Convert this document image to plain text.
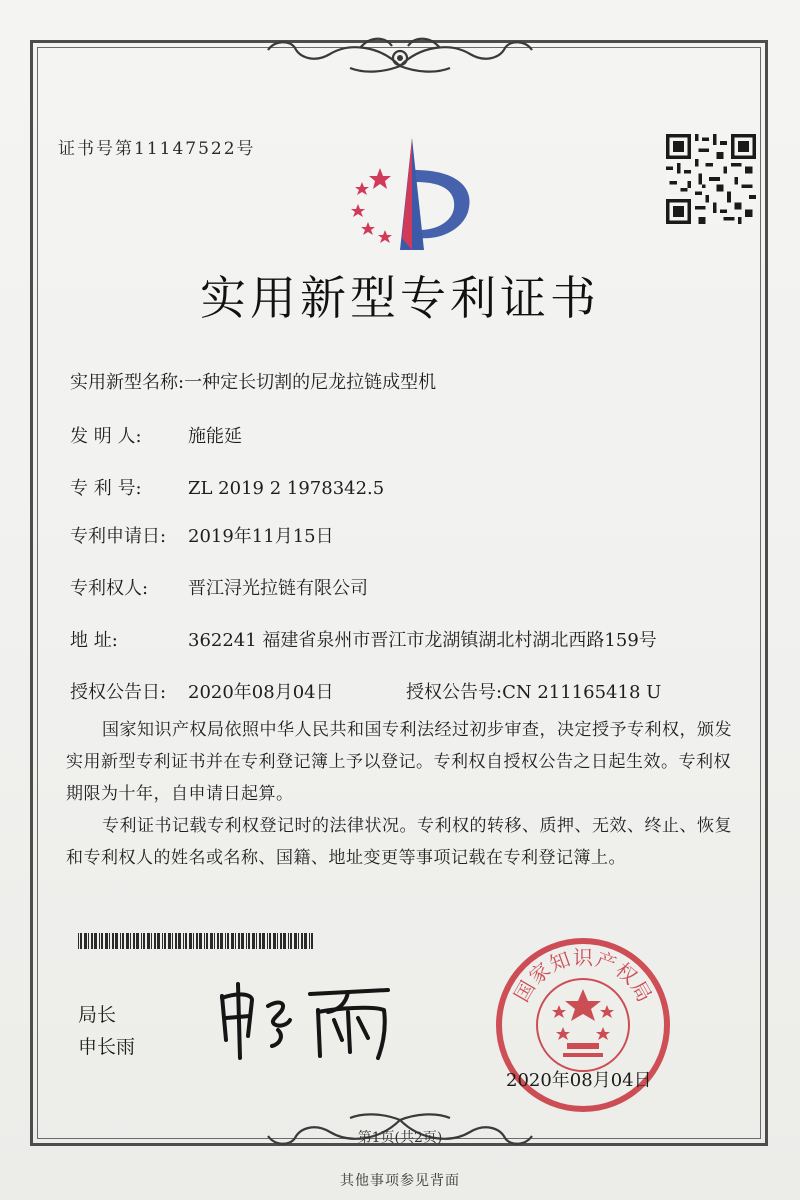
证书号第11147522号
实用新型专利证书
实用新型名称:一种定长切割的尼龙拉链成型机
发 明 人:	施能延
专 利 号:	ZL 2019 2 1978342.5
专利申请日: 2019年11月15日
专利权人: 晋江浔光拉链有限公司
地 址:	362241 福建省泉州市晋江市龙湖镇湖北村湖北西路159号
授权公告日: 2020年08月04日	授权公告号:CN 211165418 U
国家知识产权局依照中华人民共和国专利法经过初步审查，决定授予专利权，颁发实用新型专利证书并在专利登记簿上予以登记。专利权自授权公告之日起生效。专利权期限为十年，自申请日起算。
专利证书记载专利权登记时的法律状况。专利权的转移、质押、无效、终止、恢复和专利权人的姓名或名称、国籍、地址变更等事项记载在专利登记簿上。
局长
申长雨
国
家
知 识 产
权
局
2020年08月04日
第1页(共2页)
其他事项参见背面
